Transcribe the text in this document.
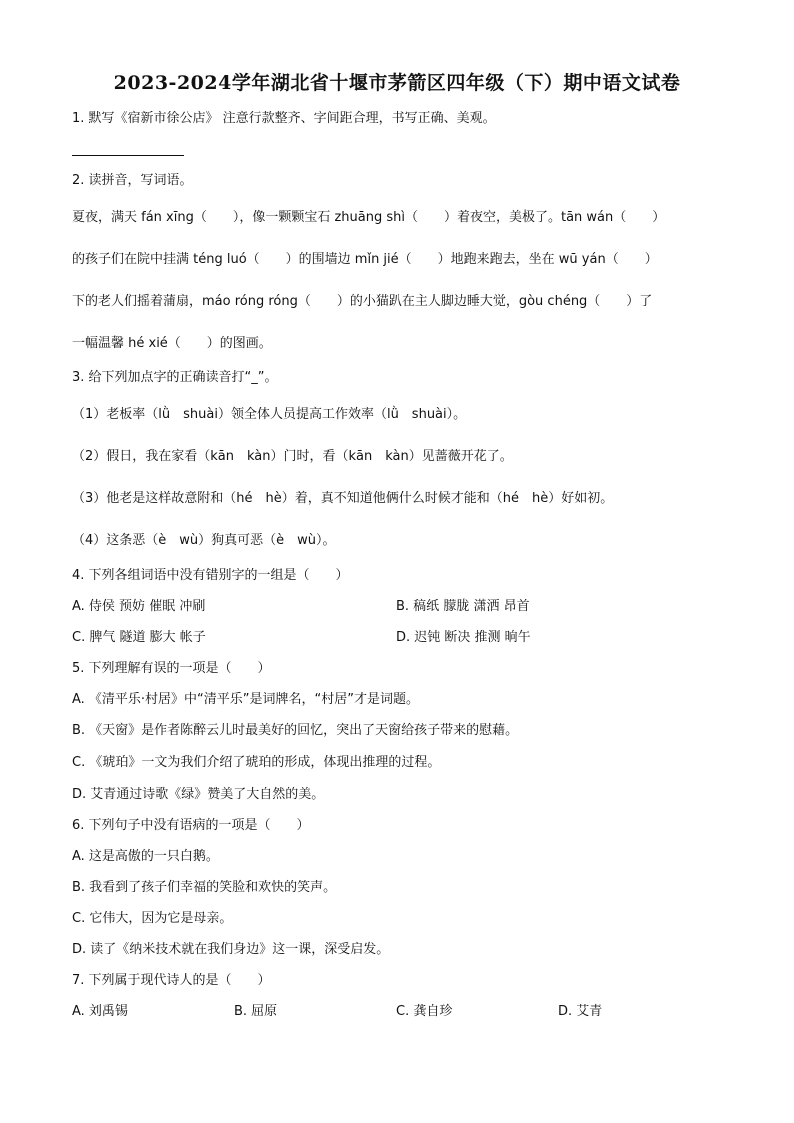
2023-2024学年湖北省十堰市茅箭区四年级（下）期中语文试卷
1. 默写《宿新市徐公店》 注意行款整齐、字间距合理，书写正确、美观。
2. 读拼音，写词语。
夏夜，满天 fán xīng（　　），像一颗颗宝石 zhuāng shì（　　）着夜空，美极了。tān wán（　　）
的孩子们在院中挂满 téng luó（　　）的围墙边 mǐn jié（　　）地跑来跑去，坐在 wū yán（　　）
下的老人们摇着蒲扇，máo róng róng（　　）的小猫趴在主人脚边睡大觉，gòu chéng（　　）了
一幅温馨 hé xié（　　）的图画。
3. 给下列加点字的正确读音打“_”。
（1）老板率（lǜ　shuài）领全体人员提高工作效率（lǜ　shuài）。
（2）假日，我在家看（kān　kàn）门时，看（kān　kàn）见蔷薇开花了。
（3）他老是这样故意附和（hé　hè）着，真不知道他俩什么时候才能和（hé　hè）好如初。
（4）这条恶（è　wù）狗真可恶（è　wù）。
4. 下列各组词语中没有错别字的一组是（　　）
A. 侍侯 预妨 催眠 冲刷	B. 稿纸 朦胧 潇洒 昂首
C. 脾气 隧道 膨大 帐子	D. 迟钝 断决 推测 晌午
5. 下列理解有误的一项是（　　）
A. 《清平乐·村居》中“清平乐”是词牌名，“村居”才是词题。
B. 《天窗》是作者陈醉云儿时最美好的回忆，突出了天窗给孩子带来的慰藉。
C. 《琥珀》一文为我们介绍了琥珀的形成，体现出推理的过程。
D. 艾青通过诗歌《绿》赞美了大自然的美。
6. 下列句子中没有语病的一项是（　　）
A. 这是高傲的一只白鹅。
B. 我看到了孩子们幸福的笑脸和欢快的笑声。
C. 它伟大，因为它是母亲。
D. 读了《纳米技术就在我们身边》这一课，深受启发。
7. 下列属于现代诗人的是（　　）
A. 刘禹锡	B. 屈原	C. 龚自珍	D. 艾青
